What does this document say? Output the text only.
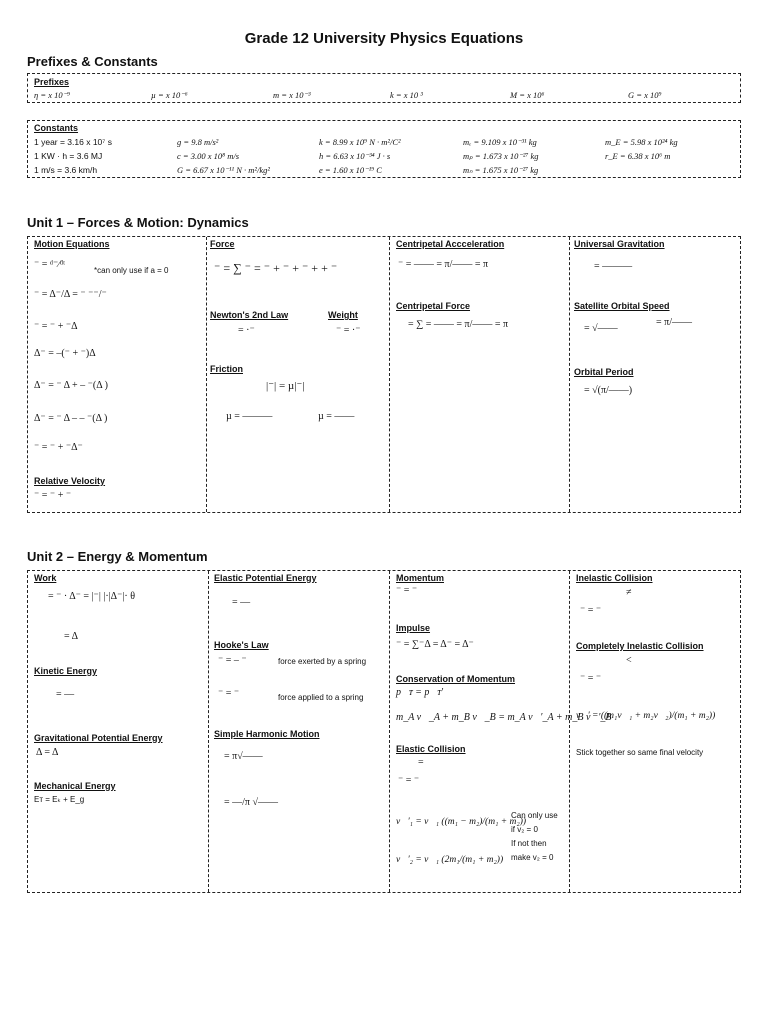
Grade 12 University Physics Equations
Prefixes & Constants
Prefixes
η = x 10⁻⁹	µ = x 10⁻⁶	m = x 10⁻³	k = x 10 ³	M = x 10⁶	G = x 10⁹
Constants
1 year = 3.16 x 10⁷ s	g = 9.8 m/s²	k = 8.99 x 10⁹ N · m²/C²	mₑ = 9.109 x 10⁻³¹ kg	m_E = 5.98 x 10²⁴ kg
1 KW · h = 3.6 MJ	c = 3.00 x 10⁸ m/s	h = 6.63 x 10⁻³⁴ J · s	mₚ = 1.673 x 10⁻²⁷ kg	r_E = 6.38 x 10⁶ m
1 m/s = 3.6 km/h	G = 6.67 x 10⁻¹¹ N · m²/kg²	e = 1.60 x 10⁻¹⁹ C	mₙ = 1.675 x 10⁻²⁷ kg
Unit 1 – Forces & Motion: Dynamics
Motion Equations
⁻ = ᵈ⁻⁄ᵈᵗ
*can only use if a = 0
⁻ = Δ⁻/Δ = ⁻ ⁻⁻/⁻
⁻ = ⁻ + ⁻Δ
Δ⁻ = –(⁻ + ⁻)Δ
Δ⁻ = ⁻ Δ + – ⁻(Δ )
Δ⁻ = ⁻ Δ – – ⁻(Δ )
⁻ = ⁻ + ⁻Δ⁻
Relative Velocity
⁻ = ⁻ + ⁻
Force
⁻ = ∑ ⁻ = ⁻ + ⁻ + ⁻ + + ⁻
Newton's 2nd Law
= ·⁻
Weight
⁻ = ·⁻
Friction
|⁻| = µ|⁻|
µ = ———	µ = ——
Centripetal Accceleration
⁻ = —— = π/—— = π
Centripetal Force
= ∑ = —— = π/—— = π
Universal Gravitation
= ———
Satellite Orbital Speed
= √——
= π/——
Orbital Period
= √(π/——)
Unit 2 – Energy & Momentum
Work
= ⁻ · Δ⁻ = |⁻| |·|Δ⁻|· θ
= Δ
Kinetic Energy
= —
Gravitational Potential Energy
Δ = Δ
Mechanical Energy
Eᴛ = Eₖ + E_g
Elastic Potential Energy
= —
Hooke's Law
⁻ = – ⁻	force exerted by a spring
⁻ = ⁻	force applied to a spring
Simple Harmonic Motion
= π√——
= —/π √——
Momentum
⁻ = ⁻
Impulse
⁻ = ∑⁻Δ = Δ⁻ = Δ⁻
Conservation of Momentum
p⃗ᴛ = p⃗ᴛ′
m_A v⃗_A + m_B v⃗_B = m_A v⃗′_A + m_B v⃗′_B
Elastic Collision
=
⁻ = ⁻
v⃗′₁ = v⃗₁ ((m₁ − m₂)/(m₁ + m₂))
v⃗′₂ = v⃗₁ (2m₁/(m₁ + m₂))
Can only use
if v₂ = 0
If not then
make v₂ = 0
Inelastic Collision
≠
⁻ = ⁻
Completely Inelastic Collision
<
⁻ = ⁻
v⃗′ = ((m₁v⃗₁ + m₂v⃗₂)/(m₁ + m₂))
Stick together so same final velocity
